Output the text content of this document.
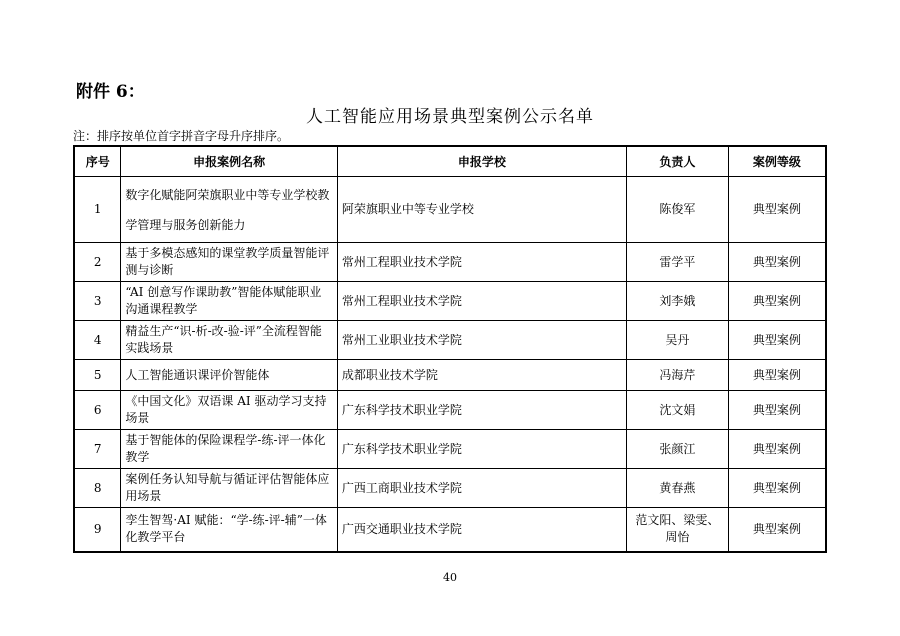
附件 6：
人工智能应用场景典型案例公示名单
注：排序按单位首字拼音字母升序排序。
序号	申报案例名称	申报学校	负责人	案例等级
1	数字化赋能阿荣旗职业中等专业学校教学管理与服务创新能力	阿荣旗职业中等专业学校	陈俊军	典型案例
2	基于多模态感知的课堂教学质量智能评测与诊断	常州工程职业技术学院	雷学平	典型案例
3	“AI 创意写作课助教”智能体赋能职业沟通课程教学	常州工程职业技术学院	刘李娥	典型案例
4	精益生产“识-析-改-验-评”全流程智能实践场景	常州工业职业技术学院	吴丹	典型案例
5	人工智能通识课评价智能体	成都职业技术学院	冯海芹	典型案例
6	《中国文化》双语课 AI 驱动学习支持场景	广东科学技术职业学院	沈文娟	典型案例
7	基于智能体的保险课程学-练-评一体化教学	广东科学技术职业学院	张颜江	典型案例
8	案例任务认知导航与循证评估智能体应用场景	广西工商职业技术学院	黄春燕	典型案例
9	孪生智驾·AI 赋能：“学-练-评-辅”一体化教学平台	广西交通职业技术学院	范文阳、梁雯、周怡	典型案例
40
